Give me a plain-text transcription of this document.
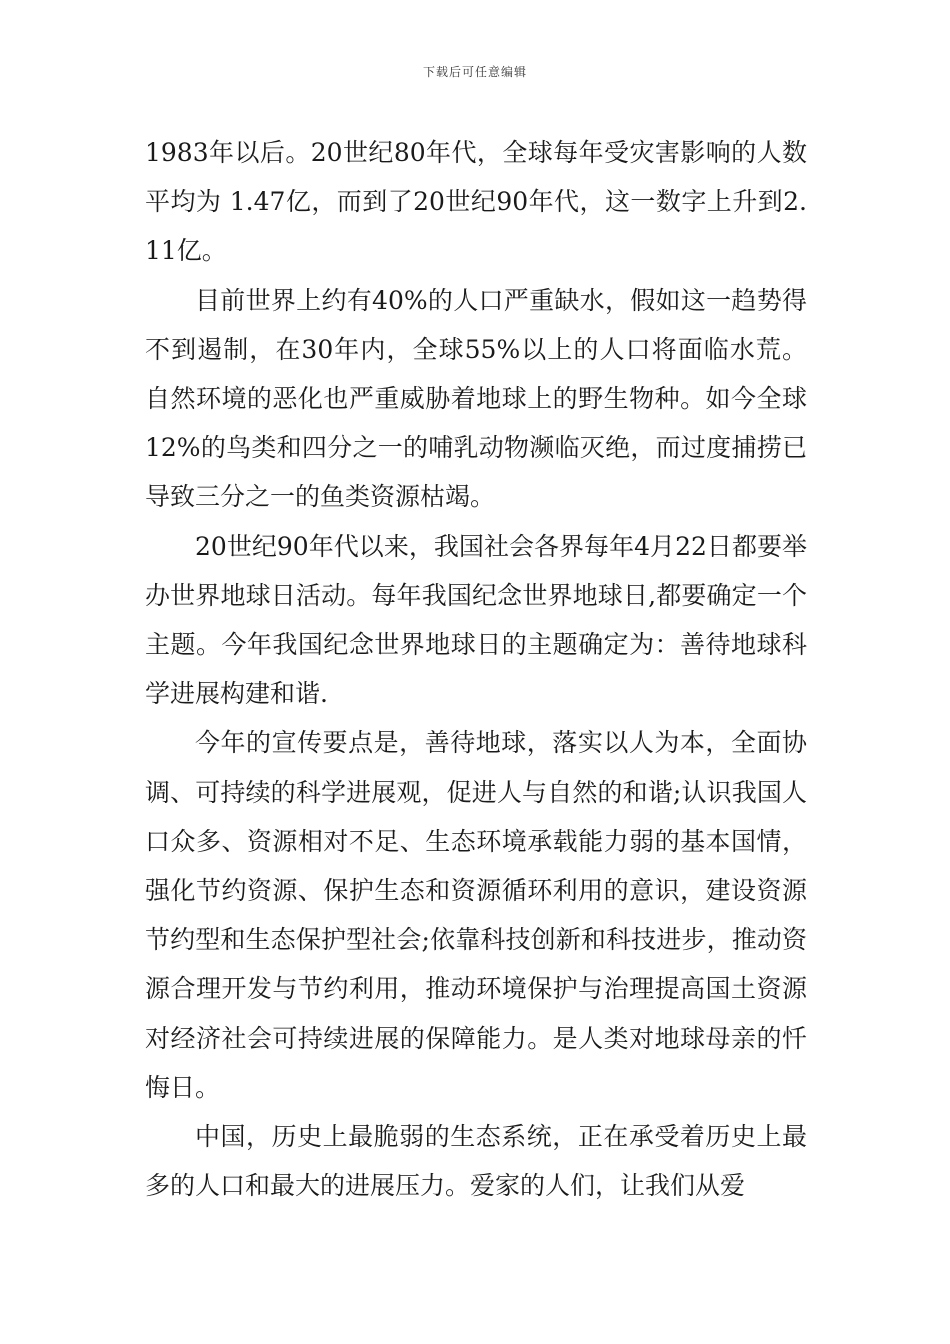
下载后可任意编辑

1983年以后。20世纪80年代，全球每年受灾害影响的人数平均为 1.47亿，而到了20世纪90年代，这一数字上升到2.11亿。

目前世界上约有40%的人口严重缺水，假如这一趋势得不到遏制，在30年内，全球55%以上的人口将面临水荒。自然环境的恶化也严重威胁着地球上的野生物种。如今全球12%的鸟类和四分之一的哺乳动物濒临灭绝，而过度捕捞已导致三分之一的鱼类资源枯竭。

20世纪90年代以来，我国社会各界每年4月22日都要举办世界地球日活动。每年我国纪念世界地球日,都要确定一个主题。今年我国纪念世界地球日的主题确定为：善待地球科学进展构建和谐.

今年的宣传要点是，善待地球，落实以人为本，全面协调、可持续的科学进展观，促进人与自然的和谐;认识我国人口众多、资源相对不足、生态环境承载能力弱的基本国情，强化节约资源、保护生态和资源循环利用的意识，建设资源节约型和生态保护型社会;依靠科技创新和科技进步，推动资源合理开发与节约利用，推动环境保护与治理提高国土资源对经济社会可持续进展的保障能力。是人类对地球母亲的忏悔日。

中国，历史上最脆弱的生态系统，正在承受着历史上最多的人口和最大的进展压力。爱家的人们，让我们从爱
